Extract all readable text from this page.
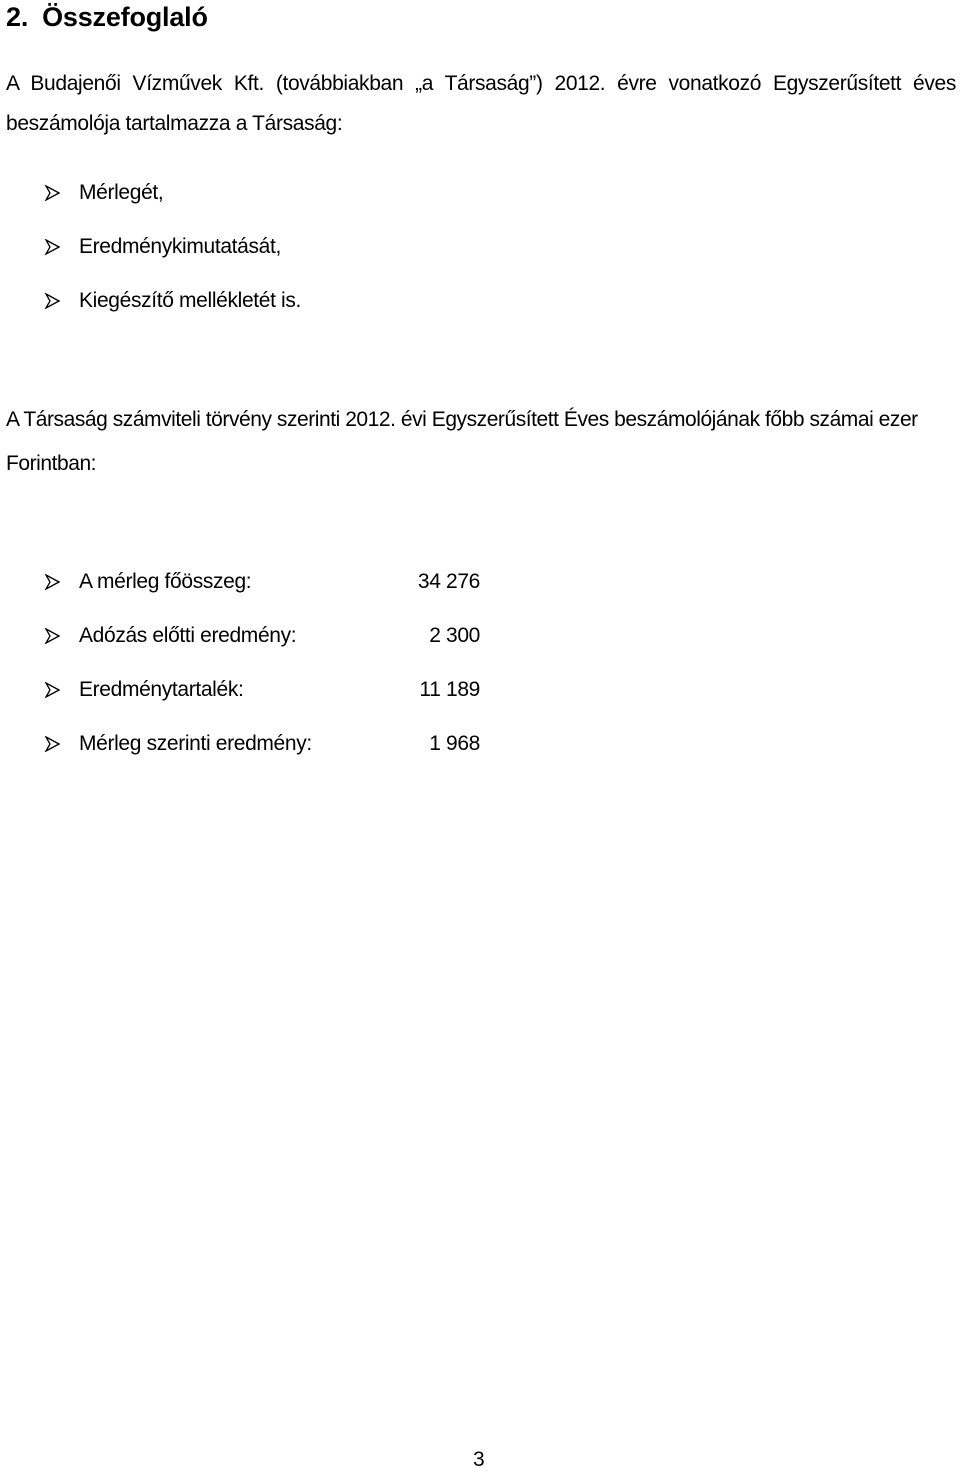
2. Összefoglaló

A Budajenői Vízművek Kft. (továbbiakban „a Társaság”) 2012. évre vonatkozó Egyszerűsített éves
beszámolója tartalmazza a Társaság:

Mérlegét,
Eredménykimutatását,
Kiegészítő mellékletét is.

A Társaság számviteli törvény szerinti 2012. évi Egyszerűsített Éves beszámolójának főbb számai ezer
Forintban:

A mérleg főösszeg:	34 276
Adózás előtti eredmény:	2 300
Eredménytartalék:	11 189
Mérleg szerinti eredmény:	1 968
3
